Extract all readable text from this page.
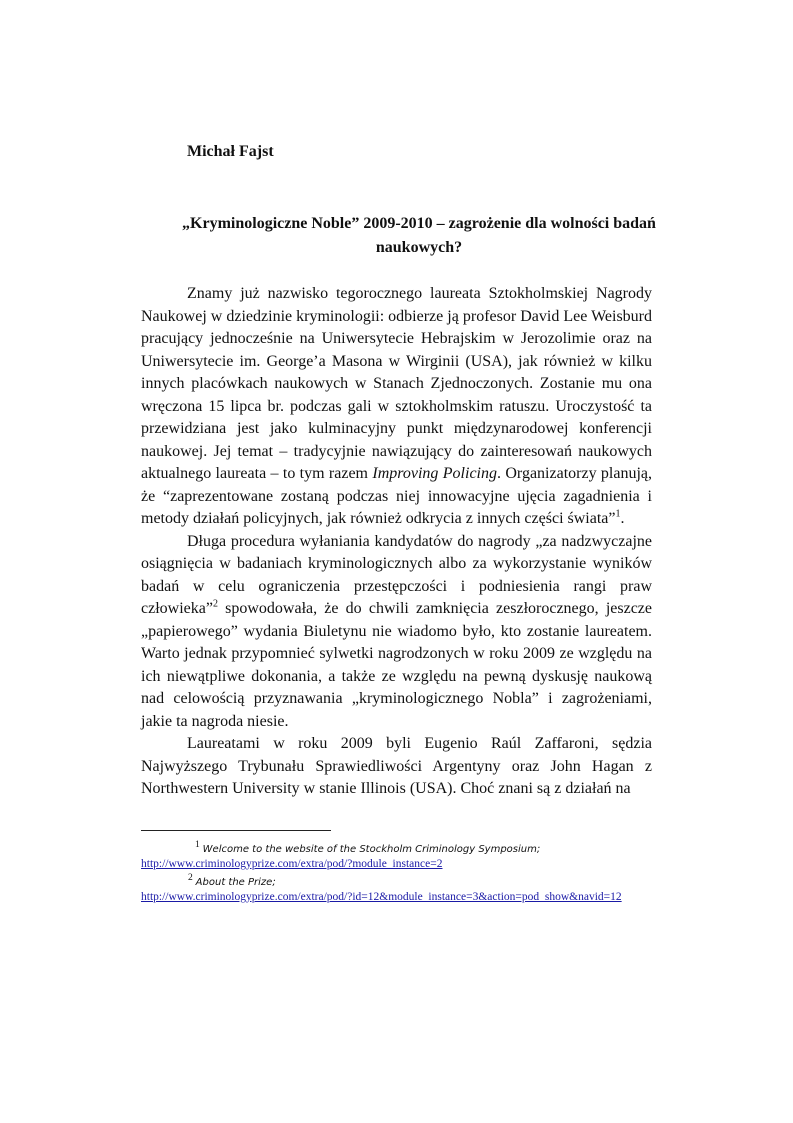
Michał Fajst
„Kryminologiczne Noble” 2009-2010 – zagrożenie dla wolności badań naukowych?

Znamy już nazwisko tegorocznego laureata Sztokholmskiej Nagrody Naukowej w dziedzinie kryminologii: odbierze ją profesor David Lee Weisburd pracujący jednocześnie na Uniwersytecie Hebrajskim w Jerozolimie oraz na Uniwersytecie im. George’a Masona w Wirginii (USA), jak również w kilku innych placówkach naukowych w Stanach Zjednoczonych. Zostanie mu ona wręczona 15 lipca br. podczas gali w sztokholmskim ratuszu. Uroczystość ta przewidziana jest jako kulminacyjny punkt międzynarodowej konferencji naukowej. Jej temat – tradycyjnie nawiązujący do zainteresowań naukowych aktualnego laureata – to tym razem Improving Policing. Organizatorzy planują, że “zaprezentowane zostaną podczas niej innowacyjne ujęcia zagadnienia i metody działań policyjnych, jak również odkrycia z innych części świata”$^1$.

Długa procedura wyłaniania kandydatów do nagrody „za nadzwyczajne osiągnięcia w badaniach kryminologicznych albo za wykorzystanie wyników badań w celu ograniczenia przestępczości i podniesienia rangi praw człowieka”$^2$ spowodowała, że do chwili zamknięcia zeszłorocznego, jeszcze „papierowego” wydania Biuletynu nie wiadomo było, kto zostanie laureatem. Warto jednak przypomnieć sylwetki nagrodzonych w roku 2009 ze względu na ich niewątpliwe dokonania, a także ze względu na pewną dyskusję naukową nad celowością przyznawania „kryminologicznego Nobla” i zagrożeniami, jakie ta nagroda niesie.

Laureatami w roku 2009 byli Eugenio Raúl Zaffaroni, sędzia Najwyższego Trybunału Sprawiedliwości Argentyny oraz John Hagan z Northwestern University w stanie Illinois (USA). Choć znani są z działań na

$^1$ Welcome to the website of the Stockholm Criminology Symposium;
http://www.criminologyprize.com/extra/pod/?module_instance=2
$^2$ About the Prize;
http://www.criminologyprize.com/extra/pod/?id=12&module_instance=3&action=pod_show&navid=12
